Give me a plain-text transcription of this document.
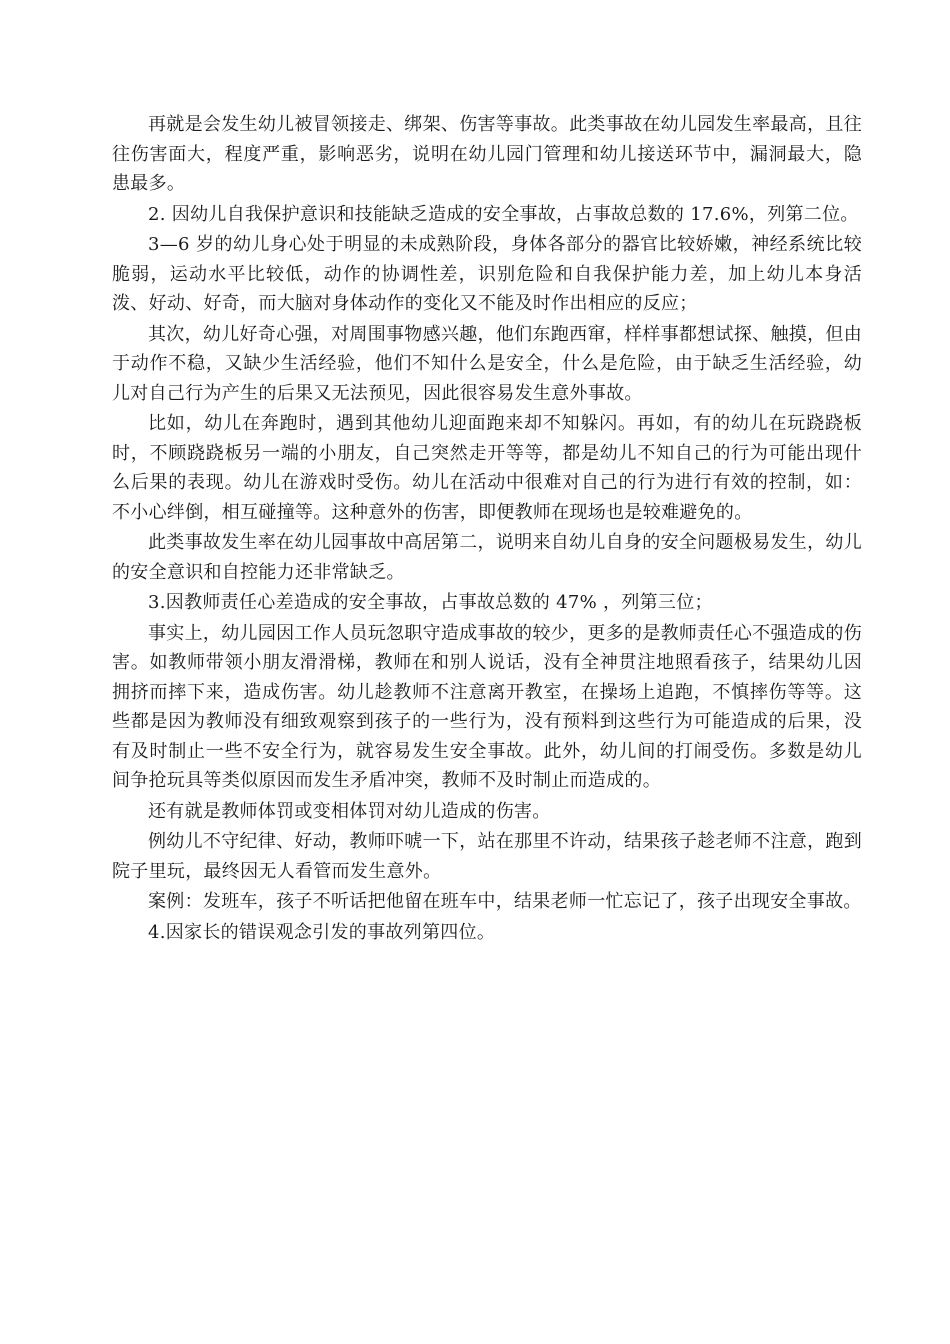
再就是会发生幼儿被冒领接走、绑架、伤害等事故。此类事故在幼儿园发生率最高，且往往伤害面大，程度严重，影响恶劣，说明在幼儿园门管理和幼儿接送环节中，漏洞最大，隐患最多。

2. 因幼儿自我保护意识和技能缺乏造成的安全事故，占事故总数的 17.6%，列第二位。

3—6 岁的幼儿身心处于明显的未成熟阶段，身体各部分的器官比较娇嫩，神经系统比较脆弱，运动水平比较低，动作的协调性差，识别危险和自我保护能力差，加上幼儿本身活泼、好动、好奇，而大脑对身体动作的变化又不能及时作出相应的反应；

其次，幼儿好奇心强，对周围事物感兴趣，他们东跑西窜，样样事都想试探、触摸，但由于动作不稳，又缺少生活经验，他们不知什么是安全，什么是危险，由于缺乏生活经验，幼儿对自己行为产生的后果又无法预见，因此很容易发生意外事故。

比如，幼儿在奔跑时，遇到其他幼儿迎面跑来却不知躲闪。再如，有的幼儿在玩跷跷板时，不顾跷跷板另一端的小朋友，自己突然走开等等，都是幼儿不知自己的行为可能出现什么后果的表现。幼儿在游戏时受伤。幼儿在活动中很难对自己的行为进行有效的控制，如：不小心绊倒，相互碰撞等。这种意外的伤害，即便教师在现场也是较难避免的。

此类事故发生率在幼儿园事故中高居第二，说明来自幼儿自身的安全问题极易发生，幼儿的安全意识和自控能力还非常缺乏。

3.因教师责任心差造成的安全事故，占事故总数的 47% ，列第三位；

事实上，幼儿园因工作人员玩忽职守造成事故的较少，更多的是教师责任心不强造成的伤害。如教师带领小朋友滑滑梯，教师在和别人说话，没有全神贯注地照看孩子，结果幼儿因拥挤而摔下来，造成伤害。幼儿趁教师不注意离开教室，在操场上追跑，不慎摔伤等等。这些都是因为教师没有细致观察到孩子的一些行为，没有预料到这些行为可能造成的后果，没有及时制止一些不安全行为，就容易发生安全事故。此外，幼儿间的打闹受伤。多数是幼儿间争抢玩具等类似原因而发生矛盾冲突，教师不及时制止而造成的。

还有就是教师体罚或变相体罚对幼儿造成的伤害。

例幼儿不守纪律、好动，教师吓唬一下，站在那里不许动，结果孩子趁老师不注意，跑到院子里玩，最终因无人看管而发生意外。

案例：发班车，孩子不听话把他留在班车中，结果老师一忙忘记了，孩子出现安全事故。

4.因家长的错误观念引发的事故列第四位。
